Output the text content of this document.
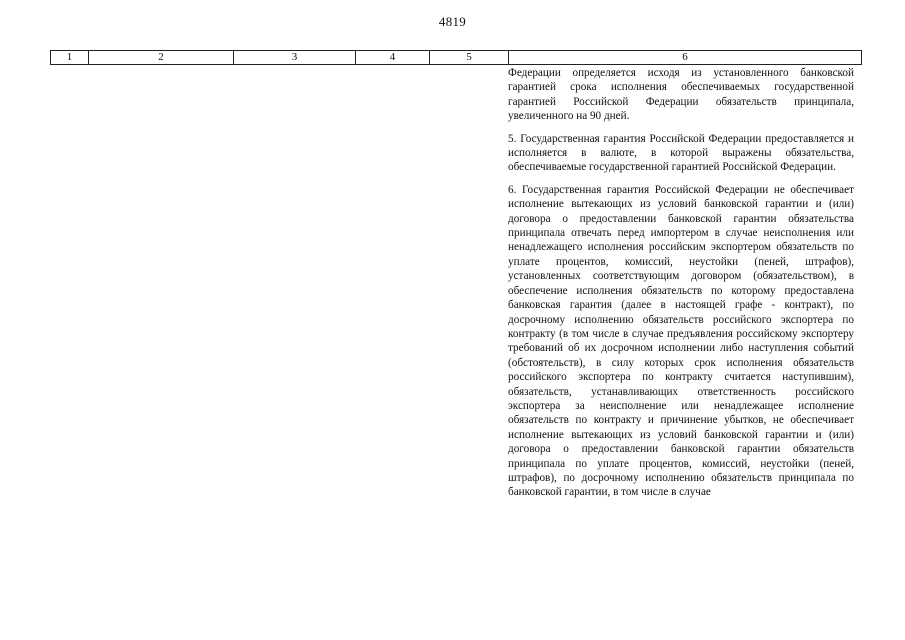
4819
1	2	3	4	5	6

Федерации определяется исходя из установленного банковской гарантией срока исполнения обеспечиваемых государственной гарантией Российской Федерации обязательств принципала, увеличенного на 90 дней.

5. Государственная гарантия Российской Федерации предоставляется и исполняется в валюте, в которой выражены обязательства, обеспечиваемые государственной гарантией Российской Федерации.

6. Государственная гарантия Российской Федерации не обеспечивает исполнение вытекающих из условий банковской гарантии и (или) договора о предоставлении банковской гарантии обязательства принципала отвечать перед импортером в случае неисполнения или ненадлежащего исполнения российским экспортером обязательств по уплате процентов, комиссий, неустойки (пеней, штрафов), установленных соответствующим договором (обязательством), в обеспечение исполнения обязательств по которому предоставлена банковская гарантия (далее в настоящей графе - контракт), по досрочному исполнению обязательств российского экспортера по контракту (в том числе в случае предъявления российскому экспортеру требований об их досрочном исполнении либо наступления событий (обстоятельств), в силу которых срок исполнения обязательств российского экспортера по контракту считается наступившим), обязательств, устанавливающих ответственность российского экспортера за неисполнение или ненадлежащее исполнение обязательств по контракту и причинение убытков, не обеспечивает исполнение вытекающих из условий банковской гарантии и (или) договора о предоставлении банковской гарантии обязательств принципала по уплате процентов, комиссий, неустойки (пеней, штрафов), по досрочному исполнению обязательств принципала по банковской гарантии, в том числе в случае
